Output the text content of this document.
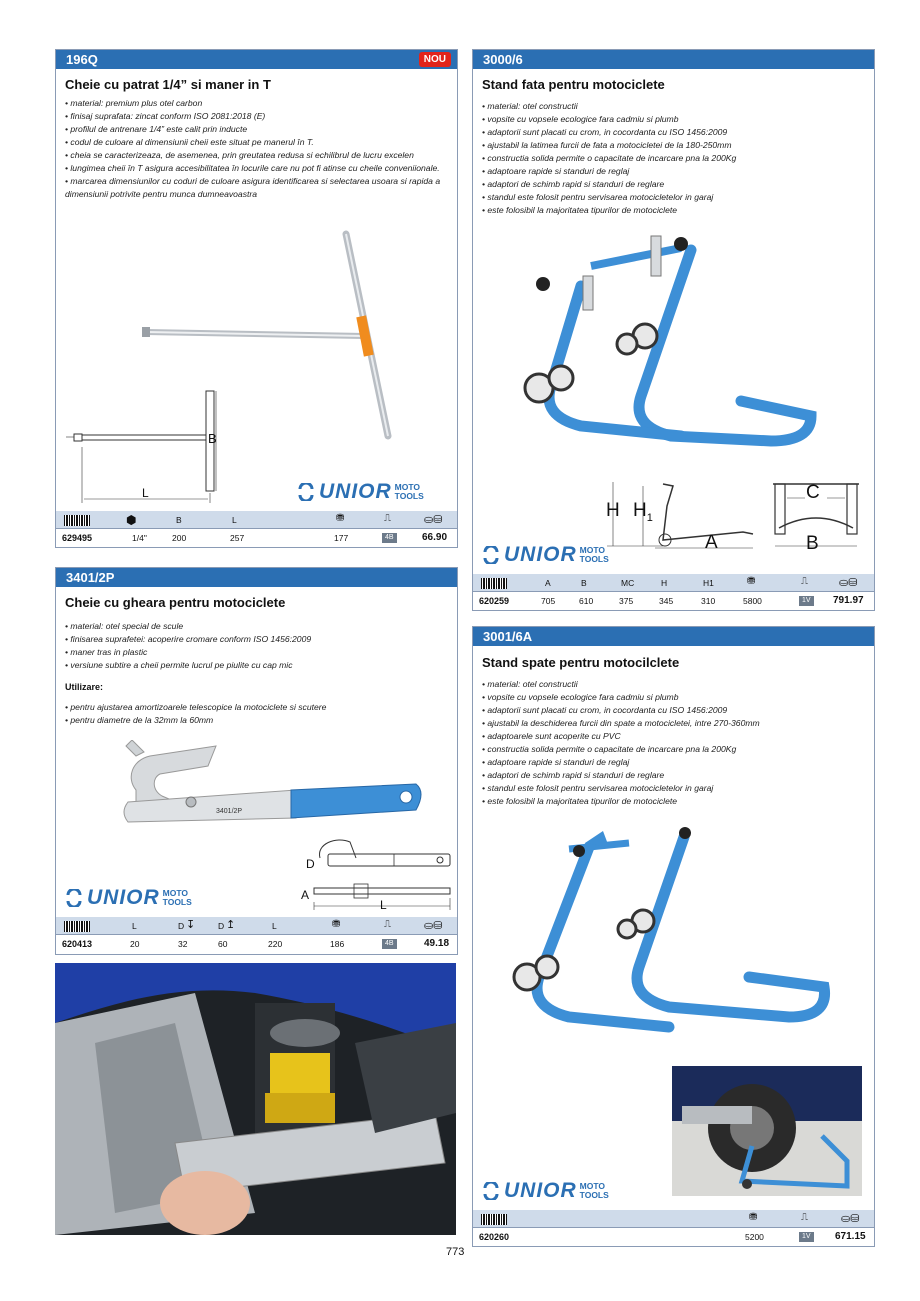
196Q	NOU
Cheie cu patrat 1/4” si maner in T
• material: premium plus otel carbon
• finisaj suprafata: zincat conform ISO 2081:2018 (E)
• profilul de antrenare 1/4” este calit prin inducte
• codul de culoare al dimensiunii cheii este situat pe manerul în T.
• cheia se caracterizeaza, de asemenea, prin greutatea redusa si echilibrul de lucru excelen
• lungimea cheii în T asigura accesibilitatea în locurile care nu pot fi atinse cu cheile conveniionale.
• marcarea dimensiunilor cu coduri de culoare asigura identificarea si selectarea usoara si rapida a dimensiunii potrivite pentru munca dumneavoastra
B
L	UNIOR MOTO
TOOLS
⬢	B	L	⛃	⎍	⛀⛁
629495	1/4"	200	257	177	4B	66.90
3401/2P
Cheie cu gheara pentru motociclete
• material: otel special de scule
• finisarea suprafetei: acoperire cromare conform ISO 1456:2009
• maner tras in plastic
• versiune subtire a cheii permite lucrul pe piulite cu cap mic
Utilizare:
• pentru ajustarea amortizoarele telescopice la motociclete si scutere
• pentru diametre de la 32mm la 60mm
3401/2P
D
A
L
UNIOR MOTO
TOOLS
L	D ↧	D ↥	L	⛃	⎍	⛀⛁
620413	20	32	60	220	186	4B	49.18
3000/6
Stand fata pentru motociclete
• material: otel constructii
• vopsite cu vopsele ecologice fara cadmiu si plumb
• adaptorii sunt placati cu crom, in cocordanta cu ISO 1456:2009
• ajustabil la latimea furcii de fata a motocicletei de la 180-250mm
• constructia solida permite o capacitate de incarcare pna la 200Kg
• adaptoare rapide si standuri de reglaj
• adaptori de schimb rapid si standuri de reglare
• standul este folosit pentru servisarea motocicletelor in garaj
• este folosibil la majoritatea tipurilor de motociclete
H $H_1$
A
C
B
UNIOR MOTO
TOOLS
A	B	MC	H	H1	⛃	⎍	⛀⛁
620259	705	610	375	345	310	5800	1V	791.97
3001/6A
Stand spate pentru motocilclete
• material: otel constructii
• vopsite cu vopsele ecologice fara cadmiu si plumb
• adaptorii sunt placati cu crom, in cocordanta cu ISO 1456:2009
• ajustabil la deschiderea furcii din spate a motocicletei, intre 270-360mm
• adaptoarele sunt acoperite cu PVC
• constructia solida permite o capacitate de incarcare pna la 200Kg
• adaptoare rapide si standuri de reglaj
• adaptori de schimb rapid si standuri de reglare
• standul este folosit pentru servisarea motocicletelor in garaj
• este folosibil la majoritatea tipurilor de motociclete
UNIOR MOTO
TOOLS
⛃	⎍	⛀⛁
620260	5200	1V	671.15
773
